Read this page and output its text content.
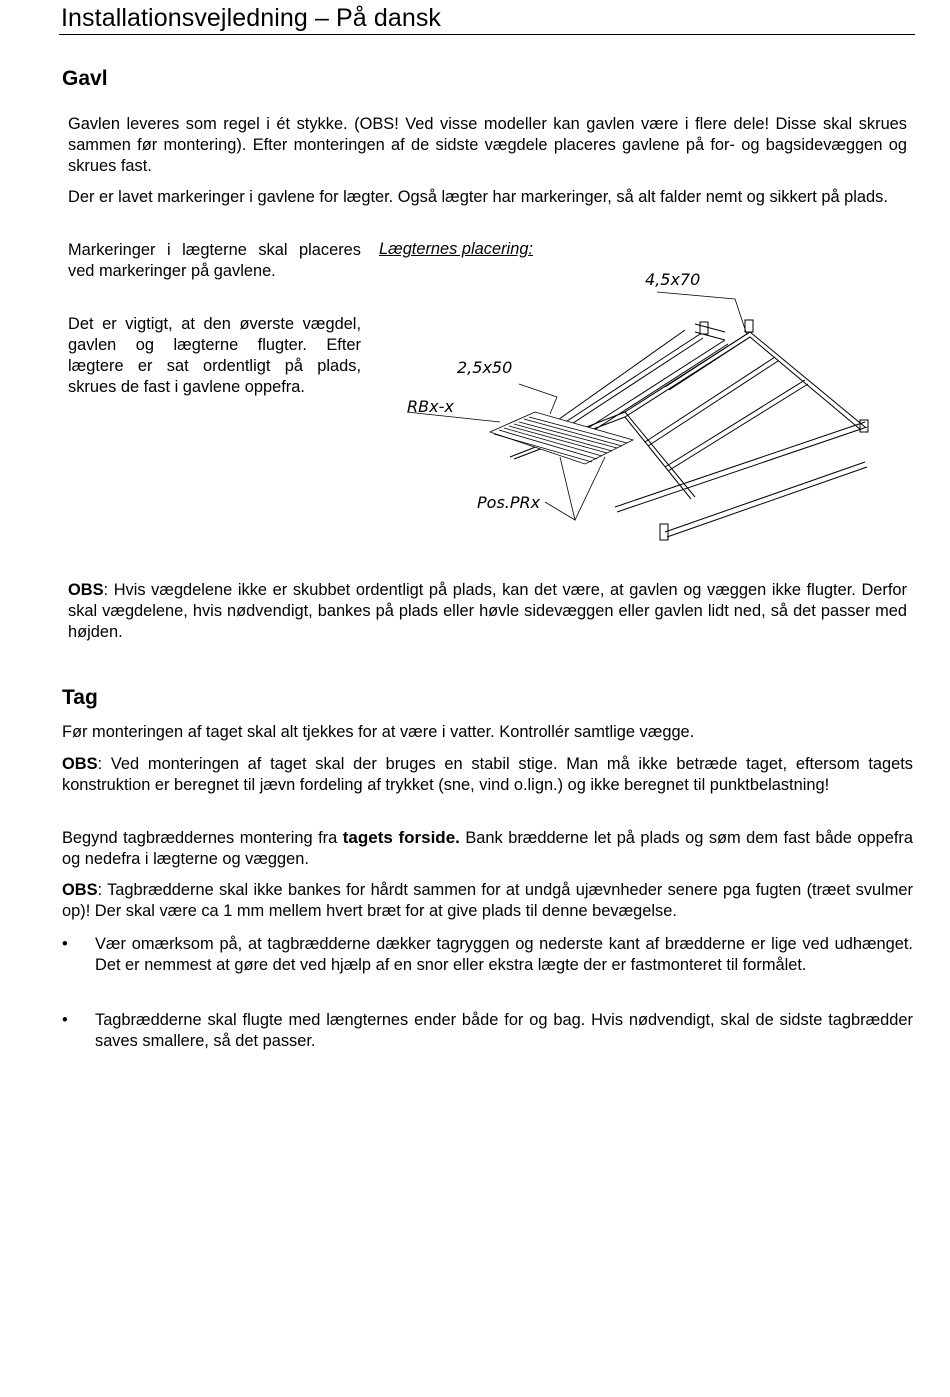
Installationsvejledning – På dansk
Gavl

Gavlen leveres som regel i ét stykke. (OBS! Ved visse modeller kan gavlen være i flere dele! Disse skal skrues sammen før montering). Efter monteringen af de sidste vægdele placeres gavlene på for- og bagsidevæggen og skrues fast.

Der er lavet markeringer i gavlene for lægter. Også lægter har markeringer, så alt falder nemt og sikkert på plads.

Markeringer i lægterne skal placeres ved markeringer på gavlene.

Det er vigtigt, at den øverste vægdel, gavlen og lægterne flugter. Efter lægtere er sat ordentligt på plads, skrues de fast i gavlene oppefra.

Lægternes placering:
4,5x70
2,5x50
RBx-x
Pos.PRx

OBS: Hvis vægdelene ikke er skubbet ordentligt på plads, kan det være, at gavlen og væggen ikke flugter. Derfor skal vægdelene, hvis nødvendigt, bankes på plads eller høvle sidevæggen eller gavlen lidt ned, så det passer med højden.

Tag

Før monteringen af taget skal alt tjekkes for at være i vatter. Kontrollér samtlige vægge.

OBS: Ved monteringen af taget skal der bruges en stabil stige. Man må ikke betræde taget, eftersom tagets konstruktion er beregnet til jævn fordeling af trykket (sne, vind o.lign.) og ikke beregnet til punktbelastning!

Begynd tagbræddernes montering fra tagets forside. Bank brædderne let på plads og søm dem fast både oppefra og nedefra i lægterne og væggen.

OBS: Tagbrædderne skal ikke bankes for hårdt sammen for at undgå ujævnheder senere pga fugten (træet svulmer op)! Der skal være ca 1 mm mellem hvert bræt for at give plads til denne bevægelse.

• Vær omærksom på, at tagbrædderne dækker tagryggen og nederste kant af brædderne er lige ved udhænget. Det er nemmest at gøre det ved hjælp af en snor eller ekstra lægte der er fastmonteret til formålet.

• Tagbrædderne skal flugte med længternes ender både for og bag. Hvis nødvendigt, skal de sidste tagbrædder saves smallere, så det passer.
